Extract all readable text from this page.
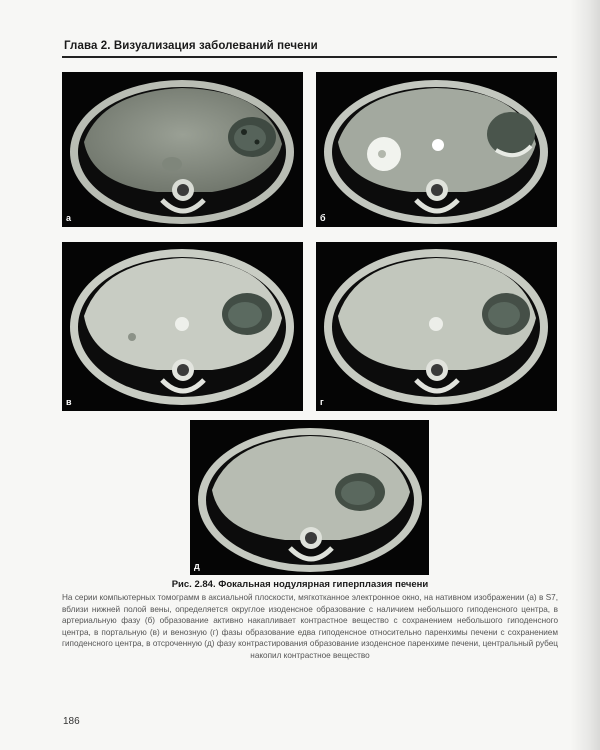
Глава 2. Визуализация заболеваний печени
а	б
в	г
д
Рис. 2.84. Фокальная нодулярная гиперплазия печени
На серии компьютерных томограмм в аксиальной плоскости, мягкотканное электронное окно, на нативном изображении (а) в S7, вблизи нижней полой вены, определяется округлое изоденсное образование с наличием небольшого гиподенсного центра, в артериальную фазу (б) образование активно накапливает контрастное вещество с сохранением небольшого гиподенсного центра, в портальную (в) и венозную (г) фазы образование едва гиподенсное относительно паренхимы печени с сохранением гиподенсного центра, в отсроченную (д) фазу контрастирования образование изоденсное паренхиме печени, центральный рубец накопил контрастное вещество
186
